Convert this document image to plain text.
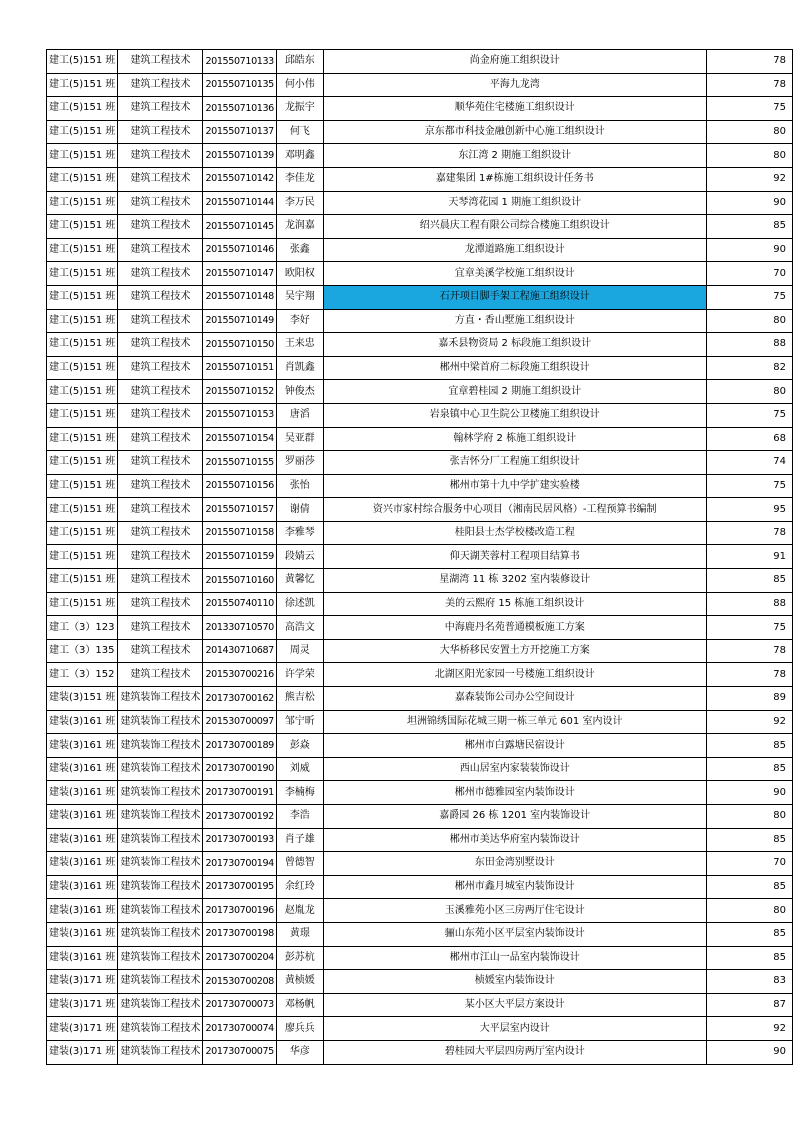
建工(5)151 班	建筑工程技术	201550710133	邱皓东	尚金府施工组织设计	78
建工(5)151 班	建筑工程技术	201550710135	何小伟	平海九龙湾	78
建工(5)151 班	建筑工程技术	201550710136	龙振宇	顺华苑住宅楼施工组织设计	75
建工(5)151 班	建筑工程技术	201550710137	何飞	京东都市科技金融创新中心施工组织设计	80
建工(5)151 班	建筑工程技术	201550710139	邓明鑫	东江湾 2 期施工组织设计	80
建工(5)151 班	建筑工程技术	201550710142	李佳龙	嘉建集团 1#栋施工组织设计任务书	92
建工(5)151 班	建筑工程技术	201550710144	李万民	天琴湾花园 1 期施工组织设计	90
建工(5)151 班	建筑工程技术	201550710145	龙润嘉	绍兴晨庆工程有限公司综合楼施工组织设计	85
建工(5)151 班	建筑工程技术	201550710146	张鑫	龙潭道路施工组织设计	90
建工(5)151 班	建筑工程技术	201550710147	欧阳权	宜章美溪学校施工组织设计	70
建工(5)151 班	建筑工程技术	201550710148	吴宇翔	石开项目脚手架工程施工组织设计	75
建工(5)151 班	建筑工程技术	201550710149	李好	方直・香山墅施工组织设计	80
建工(5)151 班	建筑工程技术	201550710150	王来忠	嘉禾县物资局 2 标段施工组织设计	88
建工(5)151 班	建筑工程技术	201550710151	肖凯鑫	郴州中梁首府二标段施工组织设计	82
建工(5)151 班	建筑工程技术	201550710152	钟俊杰	宜章碧桂园 2 期施工组织设计	80
建工(5)151 班	建筑工程技术	201550710153	唐滔	岩泉镇中心卫生院公卫楼施工组织设计	75
建工(5)151 班	建筑工程技术	201550710154	吴亚群	翰林学府 2 栋施工组织设计	68
建工(5)151 班	建筑工程技术	201550710155	罗丽莎	张吉怀分厂工程施工组织设计	74
建工(5)151 班	建筑工程技术	201550710156	张怡	郴州市第十九中学扩建实验楼	75
建工(5)151 班	建筑工程技术	201550710157	谢倩	资兴市家村综合服务中心项目（湘南民居风格）-工程预算书编制	95
建工(5)151 班	建筑工程技术	201550710158	李雅琴	桂阳县士杰学校楼改造工程	78
建工(5)151 班	建筑工程技术	201550710159	段婧云	仰天湖芙蓉村工程项目结算书	91
建工(5)151 班	建筑工程技术	201550710160	黄馨忆	星湖湾 11 栋 3202 室内装修设计	85
建工(5)151 班	建筑工程技术	201550740110	徐述凯	美的云熙府 15 栋施工组织设计	88
建工（3）123	建筑工程技术	201330710570	高浩文	中海鹿丹名苑普通模板施工方案	75
建工（3）135	建筑工程技术	201430710687	周灵	大华桥移民安置土方开挖施工方案	78
建工（3）152	建筑工程技术	201530700216	许学荣	北湖区阳光家园一号楼施工组织设计	78
建装(3)151 班	建筑装饰工程技术	201730700162	熊吉松	嘉森装饰公司办公空间设计	89
建装(3)161 班	建筑装饰工程技术	201530700097	邹宁昕	坦洲锦绣国际花城三期一栋三单元 601 室内设计	92
建装(3)161 班	建筑装饰工程技术	201730700189	彭焱	郴州市白露塘民宿设计	85
建装(3)161 班	建筑装饰工程技术	201730700190	刘威	西山居室内家装装饰设计	85
建装(3)161 班	建筑装饰工程技术	201730700191	李楠梅	郴州市德雅园室内装饰设计	90
建装(3)161 班	建筑装饰工程技术	201730700192	李浩	嘉爵园 26 栋 1201 室内装饰设计	80
建装(3)161 班	建筑装饰工程技术	201730700193	肖子雄	郴州市美达华府室内装饰设计	85
建装(3)161 班	建筑装饰工程技术	201730700194	曾德智	东田金湾别墅设计	70
建装(3)161 班	建筑装饰工程技术	201730700195	余红玲	郴州市鑫月城室内装饰设计	85
建装(3)161 班	建筑装饰工程技术	201730700196	赵胤龙	玉溪雅苑小区三房两厅住宅设计	80
建装(3)161 班	建筑装饰工程技术	201730700198	黄璟	骊山东苑小区平层室内装饰设计	85
建装(3)161 班	建筑装饰工程技术	201730700204	彭苏杭	郴州市江山一品室内装饰设计	85
建装(3)171 班	建筑装饰工程技术	201530700208	黄桢媛	桢媛室内装饰设计	83
建装(3)171 班	建筑装饰工程技术	201730700073	邓杨帆	某小区大平层方案设计	87
建装(3)171 班	建筑装饰工程技术	201730700074	廖兵兵	大平层室内设计	92
建装(3)171 班	建筑装饰工程技术	201730700075	华彦	碧桂园大平层四房两厅室内设计	90
